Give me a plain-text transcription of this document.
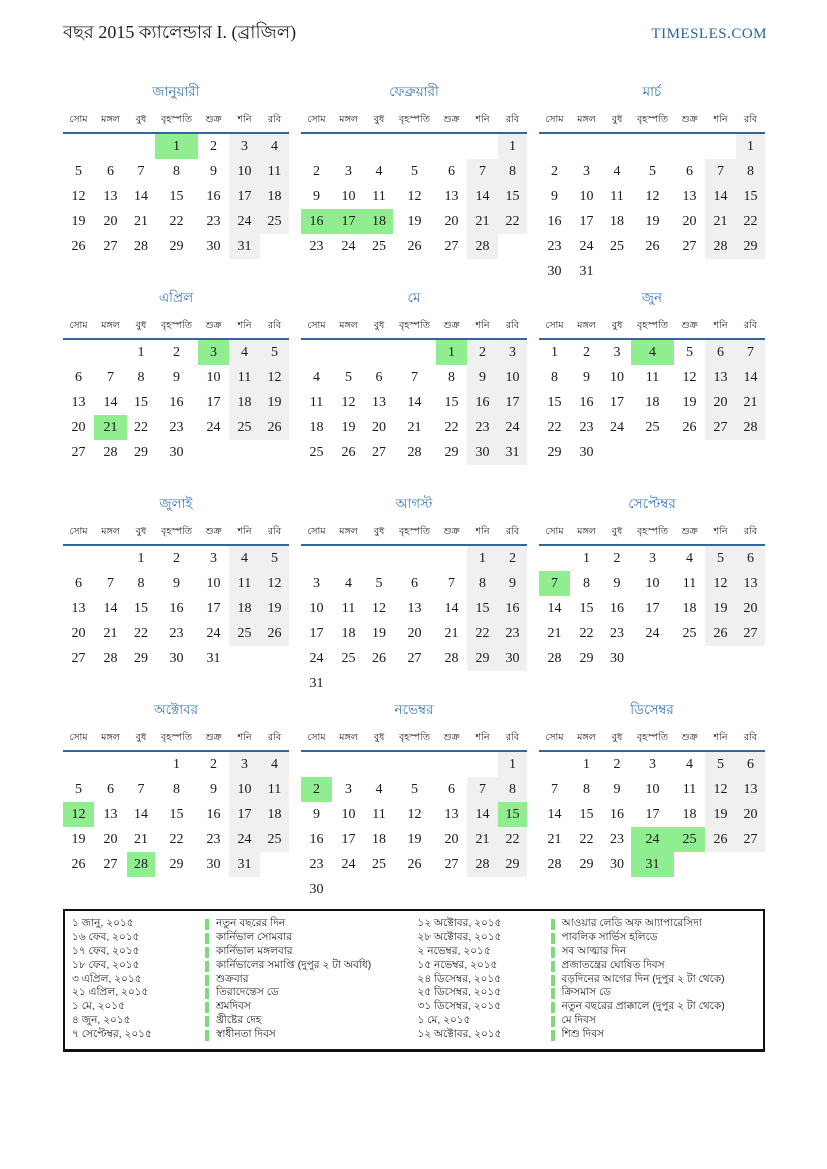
বছর 2015 ক্যালেন্ডার I. (ব্রাজিল)	TIMESLES.COM
জানুয়ারী
সোম	মঙ্গল	বুধ	বৃহস্পতি	শুক্র	শনি	রবি
			1	2	3	4
5	6	7	8	9	10	11
12	13	14	15	16	17	18
19	20	21	22	23	24	25
26	27	28	29	30	31	
ফেব্রুয়ারী
সোম	মঙ্গল	বুধ	বৃহস্পতি	শুক্র	শনি	রবি
						1
2	3	4	5	6	7	8
9	10	11	12	13	14	15
16	17	18	19	20	21	22
23	24	25	26	27	28	
মার্চ
সোম	মঙ্গল	বুধ	বৃহস্পতি	শুক্র	শনি	রবি
						1
2	3	4	5	6	7	8
9	10	11	12	13	14	15
16	17	18	19	20	21	22
23	24	25	26	27	28	29
30	31					
এপ্রিল
সোম	মঙ্গল	বুধ	বৃহস্পতি	শুক্র	শনি	রবি
		1	2	3	4	5
6	7	8	9	10	11	12
13	14	15	16	17	18	19
20	21	22	23	24	25	26
27	28	29	30			
মে
সোম	মঙ্গল	বুধ	বৃহস্পতি	শুক্র	শনি	রবি
				1	2	3
4	5	6	7	8	9	10
11	12	13	14	15	16	17
18	19	20	21	22	23	24
25	26	27	28	29	30	31
জুন
সোম	মঙ্গল	বুধ	বৃহস্পতি	শুক্র	শনি	রবি
1	2	3	4	5	6	7
8	9	10	11	12	13	14
15	16	17	18	19	20	21
22	23	24	25	26	27	28
29	30					
জুলাই
সোম	মঙ্গল	বুধ	বৃহস্পতি	শুক্র	শনি	রবি
		1	2	3	4	5
6	7	8	9	10	11	12
13	14	15	16	17	18	19
20	21	22	23	24	25	26
27	28	29	30	31		
আগস্ট
সোম	মঙ্গল	বুধ	বৃহস্পতি	শুক্র	শনি	রবি
					1	2
3	4	5	6	7	8	9
10	11	12	13	14	15	16
17	18	19	20	21	22	23
24	25	26	27	28	29	30
31						
সেপ্টেম্বর
সোম	মঙ্গল	বুধ	বৃহস্পতি	শুক্র	শনি	রবি
	1	2	3	4	5	6
7	8	9	10	11	12	13
14	15	16	17	18	19	20
21	22	23	24	25	26	27
28	29	30				
অক্টোবর
সোম	মঙ্গল	বুধ	বৃহস্পতি	শুক্র	শনি	রবি
			1	2	3	4
5	6	7	8	9	10	11
12	13	14	15	16	17	18
19	20	21	22	23	24	25
26	27	28	29	30	31	
নভেম্বর
সোম	মঙ্গল	বুধ	বৃহস্পতি	শুক্র	শনি	রবি
						1
2	3	4	5	6	7	8
9	10	11	12	13	14	15
16	17	18	19	20	21	22
23	24	25	26	27	28	29
30						
ডিসেম্বর
সোম	মঙ্গল	বুধ	বৃহস্পতি	শুক্র	শনি	রবি
	1	2	3	4	5	6
7	8	9	10	11	12	13
14	15	16	17	18	19	20
21	22	23	24	25	26	27
28	29	30	31			
১ জানু, ২০১৫	নতুন বছরের দিন
১৬ ফেব, ২০১৫	কার্নিভাল সোমবার
১৭ ফেব, ২০১৫	কার্নিভাল মঙ্গলবার
১৮ ফেব, ২০১৫	কার্নিভালের সমাপ্তি (দুপুর ২ টা অবধি)
৩ এপ্রিল, ২০১৫	শুক্রবার
২১ এপ্রিল, ২০১৫	তিরাদেন্তেস ডে
১ মে, ২০১৫	শ্রমদিবস
৪ জুন, ২০১৫	খ্রীষ্টের দেহ
৭ সেপ্টেম্বর, ২০১৫	স্বাধীনতা দিবস
১২ অক্টোবর, ২০১৫	আওয়ার লেডি অফ আ্যাপারেসিদা
২৮ অক্টোবর, ২০১৫	পাবলিক সার্ভিস হলিডে
২ নভেম্বর, ২০১৫	সব আত্মার দিন
১৫ নভেম্বর, ২০১৫	প্রজাতন্ত্রের ঘোষিত দিবস
২৪ ডিসেম্বর, ২০১৫	বড়দিনের আগের দিন (দুপুর ২ টা থেকে)
২৫ ডিসেম্বর, ২০১৫	ক্রিসমাস ডে
৩১ ডিসেম্বর, ২০১৫	নতুন বছরের প্রাক্কালে (দুপুর ২ টা থেকে)
১ মে, ২০১৫	মে দিবস
১২ অক্টোবর, ২০১৫	শিশু দিবস
